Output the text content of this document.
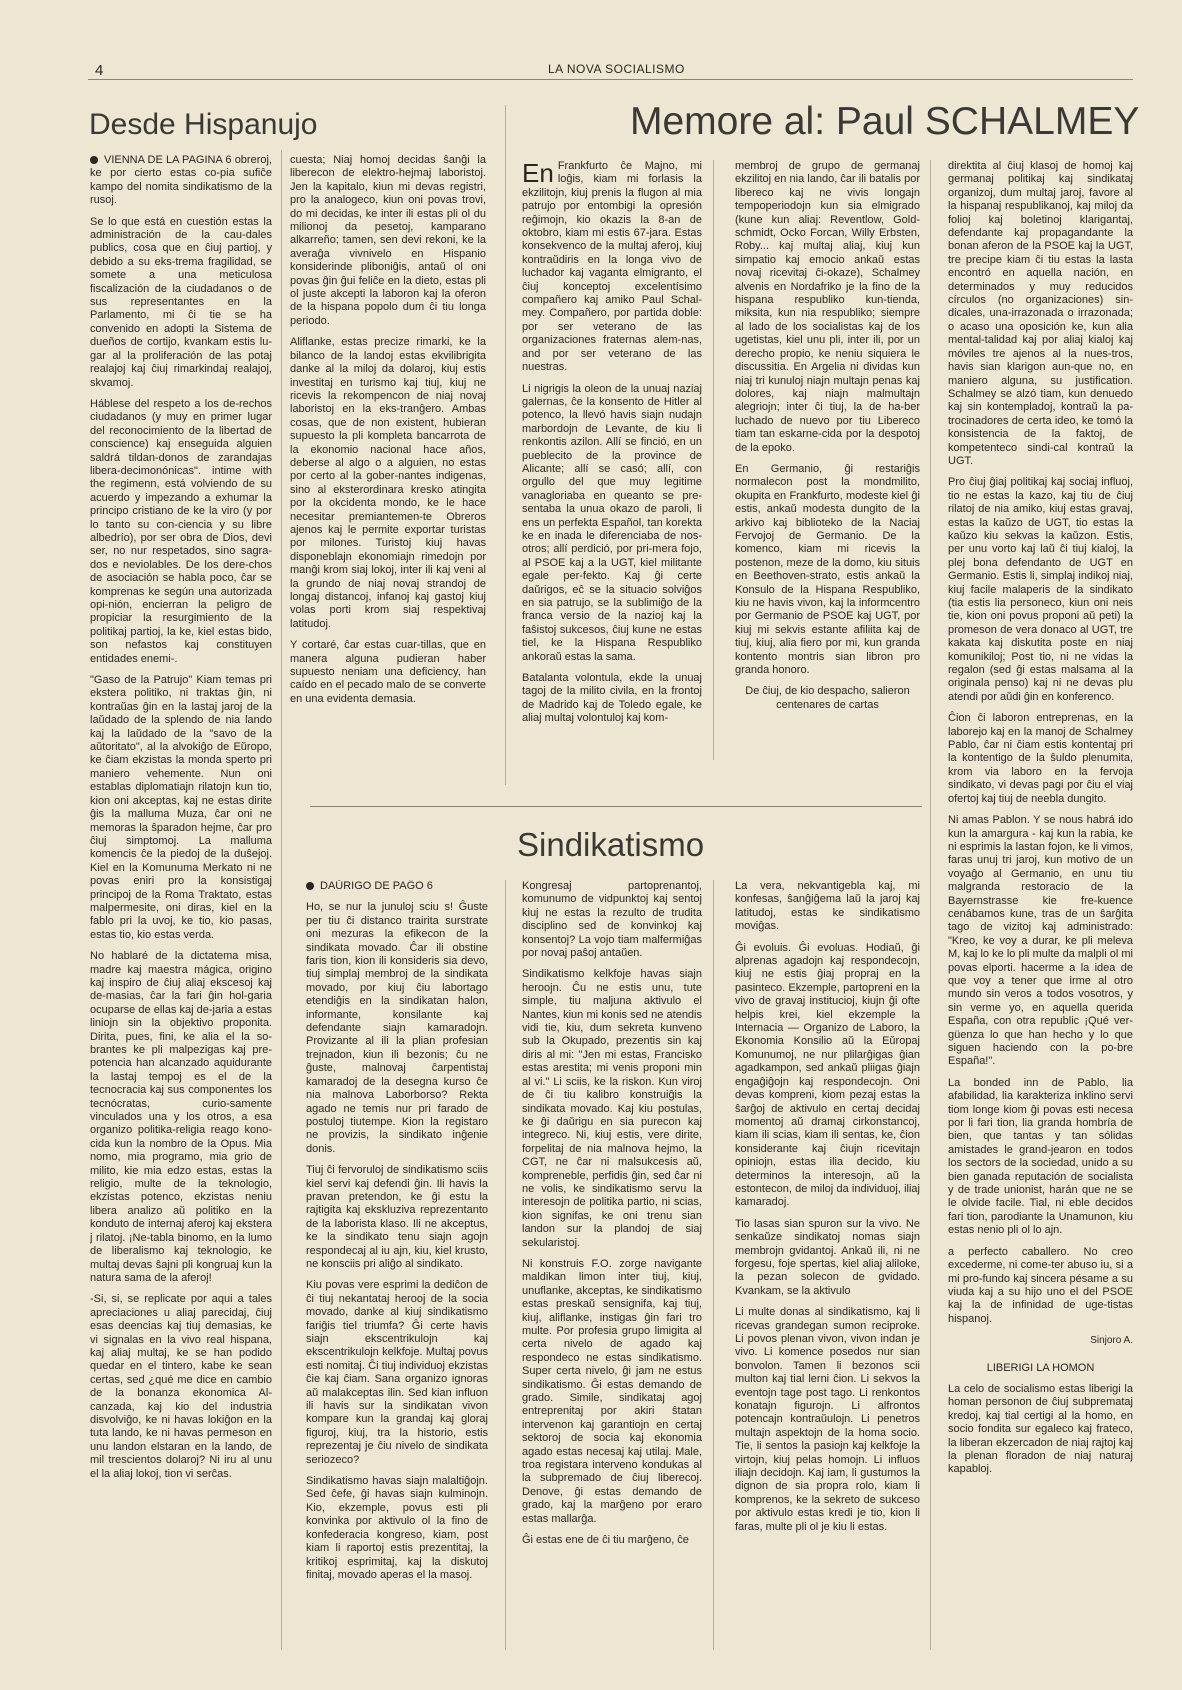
4	LA NOVA SOCIALISMO
Desde Hispanujo

VIENNA DE LA PAGINA 6 obreroj, ke por cierto estas co-pia sufiĉe kampo del nomita sindikatismo de la rusoj.

Se lo que está en cuestión estas la administración de la cau-dales publics, cosa que en ĉiuj partioj, y debido a su eks-trema fragilidad, se somete a una meticulosa fiscalización de la ciudadanos o de sus representantes en la Parlamento, mi ĉi tie se ha convenido en adopti la Sistema de dueños de cortijo, kvankam estis lu-gar al la proliferación de las potaj realajoj kaj ĉiuj rimarkindaj realajoj, skvamoj.

Háblese del respeto a los de-rechos ciudadanos (y muy en primer lugar del reconocimiento de la libertad de conscience) kaj enseguida alguien saldrá tildan-donos de zarandajas libera-decimonónicas". intime with the regimenn, está volviendo de su acuerdo y impezando a exhumar la principo cristiano de ke la viro (y por lo tanto su con-ciencia y su libre albedrío), por ser obra de Dios, devi ser, no nur respetados, sino sagra-dos e neviolables. De los dere-chos de asociación se habla poco, ĉar se komprenas ke según una autorizada opi-nión, encierran la peligro de propiciar la resurgimiento de la politikaj partioj, la ke, kiel estas bido, son nefastos kaj constituyen entidades enemi-.

"Gaso de la Patrujo" Kiam temas pri ekstera politiko, ni traktas ĝin, ni kontraŭas ĝin en la lastaj jaroj de la laŭdado de la splendo de nia lando kaj la laŭdado de la "savo de la aŭtoritato", al la alvokiĝo de Eŭropo, ke ĉiam ekzistas la monda sperto pri maniero vehemente. Nun oni establas diplomatiajn rilatojn kun tio, kion oni akceptas, kaj ne estas dirite ĝis la malluma Muza, ĉar oni ne memoras la ŝparadon hejme, ĉar pro ĉiuj simptomoj. La malluma komencis ĉe la piedoj de la duŝejoj. Kiel en la Komunuma Merkato ni ne povas eniri pro la konsistigaj principoj de la Roma Traktato, estas malpermesite, oni diras, kiel en la fablo pri la uvoj, ke tio, kio pasas, estas tio, kio estas verda.

No hablaré de la dictatema misa, madre kaj maestra mágica, origino kaj inspiro de ĉiuj aliaj ekscesoj kaj de-masias, ĉar la fari ĝin hol-garia ocuparse de ellas kaj de-jaria a estas liniojn sin la objektivo proponita. Dirita, pues, fini, ke alia el la so-brantes ke pli malpezigas kaj pre-potencia han alcanzado aquidurante la lastaj tempoj es el de la tecnocracia kaj sus componentes los tecnócratas, curio-samente vinculados una y los otros, a esa organizo politika-religia reago kono-cida kun la nombro de la Opus. Mia nomo, mia programo, mia grio de milito, kie mia edzo estas, estas la religio, multe de la teknologio, ekzistas potenco, ekzistas neniu libera analizo aŭ politiko en la konduto de internaj aferoj kaj ekstera j rilatoj. ¡Ne-tabla binomo, en la lumo de liberalismo kaj teknologio, ke multaj devas ŝajni pli kongruaj kun la natura sama de la aferoj!

-Si, si, se replicate por aqui a tales apreciaciones u aliaj parecidaj, ĉiuj esas deencias kaj tiuj demasias, ke vi signalas en la vivo real hispana, kaj aliaj multaj, ke se han podido quedar en el tintero, kabe ke sean certas, sed ¿qué me dice en cambio de la bonanza ekonomica Al-canzada, kaj kio del industria disvolviĝo, ke ni havas lokiĝon en la tuta lando, ke ni havas permeson en unu landon elstaran en la lando, de mil trescientos dolaroj? Ni iru al unu el la aliaj lokoj, tion vi serĉas.

cuesta; Niaj homoj decidas ŝanĝi la liberecon de elektro-hejmaj laboristoj. Jen la kapitalo, kiun mi devas registri, pro la analogeco, kiun oni povas trovi, do mi decidas, ke inter ili estas pli ol du milionoj da pesetoj, kamparano alkarreño; tamen, sen devi rekoni, ke la averaĝa vivnivelo en Hispanio konsiderinde pliboniĝis, antaŭ ol oni povas ĝin ĝui feliĉe en la dieto, estas pli ol juste akcepti la laboron kaj la oferon de la hispana popolo dum ĉi tiu longa periodo.

Aliflanke, estas precize rimarki, ke la bilanco de la landoj estas ekvilibrigita danke al la miloj da dolaroj, kiuj estis investitaj en turismo kaj tiuj, kiuj ne ricevis la rekompencon de niaj novaj laboristoj en la eks-tranĝero. Ambas cosas, que de non existent, hubieran supuesto la pli kompleta bancarrota de la ekonomio nacional hace años, deberse al algo o a alguien, no estas por certo al la gober-nantes indigenas, sino al eksterordinara kresko atingita por la okcidenta mondo, ke le hace necesitar premiantemen-te Obreros ajenos kaj le permite exportar turistas por milones. Turistoj kiuj havas disponeblajn ekonomiajn rimedojn por manĝi krom siaj lokoj, inter ili kaj veni al la grundo de niaj novaj strandoj de longaj distancoj, infanoj kaj gastoj kiuj volas porti krom siaj respektivaj latitudoj.

Y cortaré, ĉar estas cuar-tillas, que en manera alguna pudieran haber supuesto neniam una deficiency, han caído en el pecado malo de se converte en una evidenta demasia.

Memore al: Paul SCHALMEY

En Frankfurto ĉe Majno, mi loĝis, kiam mi forlasis la ekzilitojn, kiuj prenis la flugon al mia patrujo por entombigi la opresión reĝimojn, kio okazis la 8-an de oktobro, kiam mi estis 67-jara. Estas konsekvenco de la multaj aferoj, kiuj kontraŭdiris en la longa vivo de luchador kaj vaganta elmigranto, el ĉiuj konceptoj excelentísimo compañero kaj amiko Paul Schal-mey. Compañero, por partida doble: por ser veterano de las organizaciones fraternas alem-nas, and por ser veterano de las nuestras.

Li nigrigis la oleon de la unuaj naziaj galernas, ĉe la konsento de Hitler al potenco, la llevó havis siajn nudajn marbordojn de Levante, de kiu li renkontis azilon. Allí se finció, en un pueblecito de la province de Alicante; allí se casó; allí, con orgullo del que muy legitime vanagloriaba en queanto se pre-sentaba la unua okazo de paroli, li ens un perfekta Español, tan korekta ke en inada le diferenciaba de nos-otros; allí perdició, por pri-mera fojo, al PSOE kaj a la UGT, kiel militante egale per-fekto. Kaj ĝi certe daŭrigos, eĉ se la situacio solviĝos en sia patrujo, se la sublimiĝo de la franca versio de la nazioj kaj la faŝistoj sukcesos, ĉiuj kune ne estas tiel, ke la Hispana Respubliko ankoraŭ estas la sama.

Batalanta volontula, ekde la unuaj tagoj de la milito civila, en la frontoj de Madrido kaj de Toledo egale, ke aliaj multaj volontuloj kaj kom-

membroj de grupo de germanaj ekzilitoj en nia lando, ĉar ili batalis por libereco kaj ne vivis longajn tempoperiodojn kun sia elmigrado (kune kun aliaj: Reventlow, Gold-schmidt, Ocko Forcan, Willy Erbsten, Roby... kaj multaj aliaj, kiuj kun simpatio kaj emocio ankaŭ estas novaj ricevitaj ĉi-okaze), Schalmey alvenis en Nordafriko je la fino de la hispana respubliko kun-tienda, miksita, kun nia respubliko; siempre al lado de los socialistas kaj de los ugetistas, kiel unu pli, inter ili, por un derecho propio, ke neniu siquiera le discussitia. En Argelia ni dividas kun niaj tri kunuloj niajn multajn penas kaj dolores, kaj niajn malmultajn alegriojn; inter ĉi tiuj, la de ha-ber luchado de nuevo por tiu Libereco tiam tan eskarne-cida por la despotoj de la epoko.

En Germanio, ĝi restariĝis normalecon post la mondmilito, okupita en Frankfurto, modeste kiel ĝi estis, ankaŭ modesta dungito de la arkivo kaj biblioteko de la Naciaj Fervojoj de Germanio. De la komenco, kiam mi ricevis la postenon, meze de la domo, kiu situis en Beethoven-strato, estis ankaŭ la Konsulo de la Hispana Respubliko, kiu ne havis vivon, kaj la informcentro por Germanio de PSOE kaj UGT, por kiuj mi sekvis estante afiliita kaj de tiuj, kiuj, alia fiero por mi, kun granda kontento montris sian libron pro granda honoro.

De ĉiuj, de kio despacho, salieron centenares de cartas

direktita al ĉiuj klasoj de homoj kaj germanaj politikaj kaj sindikataj organizoj, dum multaj jaroj, favore al la hispanaj respublikanoj, kaj miloj da folioj kaj boletinoj klarigantaj, defendante kaj propagandante la bonan aferon de la PSOE kaj la UGT, tre precipe kiam ĉi tiu estas la lasta encontró en aquella nación, en determinados y muy reducidos círculos (no organizaciones) sin-dicales, una-irrazonada o irrazonada; o acaso una oposición ke, kun alia mental-talidad kaj por aliaj kialoj kaj móviles tre ajenos al la nues-tros, havis sian klarigon aun-que no, en maniero alguna, su justification. Schalmey se alzó tiam, kun denuedo kaj sin kontempladoj, kontraŭ la pa-trocinadores de certa ideo, ke tomó la konsistencia de la faktoj, de kompetenteco sindi-cal kontraŭ la UGT.

Pro ĉiuj ĝiaj politikaj kaj sociaj influoj, tio ne estas la kazo, kaj tiu de ĉiuj rilatoj de nia amiko, kiuj estas gravaj, estas la kaŭzo de UGT, tio estas la kaŭzo kiu sekvas la kaŭzon. Estis, per unu vorto kaj laŭ ĉi tiuj kialoj, la plej bona defendanto de UGT en Germanio. Estis li, simplaj indikoj niaj, kiuj facile malaperis de la sindikato (tia estis lia personeco, kiun oni neis tie, kion oni povus proponi aŭ peti) la promeson de vera donaco al UGT, tre kakata kaj diskutita poste en niaj komunikiloj; Post tio, ni ne vidas la regalon (sed ĝi estas malsama al la originala penso) kaj ni ne devas plu atendi por aŭdi ĝin en konferenco.

Ĉion ĉi laboron entreprenas, en la laborejo kaj en la manoj de Schalmey Pablo, ĉar ni ĉiam estis kontentaj pri la kontentigo de la ŝuldo plenumita, krom via laboro en la fervoja sindikato, vi devas pagi por ĉiu el viaj ofertoj kaj tiuj de neebla dungito.

Ni amas Pablon. Y se nous habrá ido kun la amargura - kaj kun la rabia, ke ni esprimis la lastan fojon, ke li vimos, faras unuj tri jaroj, kun motivo de un voyaĝo al Germanio, en unu tiu malgranda restoracio de la Bayernstrasse kie fre-kuence cenábamos kune, tras de un ŝarĝita tago de vizitoj kaj administrado: "Kreo, ke voy a durar, ke pli meleva M, kaj lo ke lo pli multe da malpli ol mi povas elporti. hacerme a la idea de que voy a tener que irme al otro mundo sin veros a todos vosotros, y sin verme yo, en aquella querida España, con otra republic ¡Qué ver-güenza lo que han hecho y lo que siguen haciendo con la po-bre España!".

La bonded inn de Pablo, lia afabilidad, lia karakteriza inklino servi tiom longe kiom ĝi povas esti necesa por li fari tion, lia granda hombría de bien, que tantas y tan sólidas amistades le grand-jearon en todos los sectors de la sociedad, unido a su bien ganada reputación de socialista y de trade unionist, harán que ne se le olvide facile. Tial, ni eble decidos fari tion, parodiante la Unamunon, kiu estas nenio pli ol lo ajn.

a perfecto caballero. No creo excederme, ni come-ter abuso iu, si a mi pro-fundo kaj sincera pésame a su viuda kaj a su hijo uno el del PSOE kaj la de infinidad de uge-tistas hispanoj.

Sinjoro A.

LIBERIGI LA HOMON

La celo de socialismo estas liberigi la homan personon de ĉiuj subpremataj kredoj, kaj tial certigi al la homo, en socio fondita sur egaleco kaj frateco, la liberan ekzercadon de niaj rajtoj kaj la plenan floradon de niaj naturaj kapabloj.

Sindikatismo

DAŬRIGO DE PAĜO 6

Ho, se nur la junuloj sciu s! Ĝuste per tiu ĉi distanco trairita surstrate oni mezuras la efikecon de la sindikata movado. Ĉar ili obstine faris tion, kion ili konsideris sia devo, tiuj simplaj membroj de la sindikata movado, por kiuj ĉiu labortago etendiĝis en la sindikatan halon, informante, konsilante kaj defendante siajn kamaradojn. Provizante al ili la plian profesian trejnadon, kiun ili bezonis; ĉu ne ĝuste, malnovaj ĉarpentistaj kamaradoj de la desegna kurso ĉe nia malnova Laborborso? Rekta agado ne temis nur pri farado de postuloj tiutempe. Kion la registaro ne provizis, la sindikato inĝenie donis.

Tiuj ĉi fervoruloj de sindikatismo sciis kiel servi kaj defendi ĝin. Ili havis la pravan pretendon, ke ĝi estu la rajtigita kaj ekskluziva reprezentanto de la laborista klaso. Ili ne akceptus, ke la sindikato tenu siajn agojn respondecaj al iu ajn, kiu, kiel krusto, ne konsciis pri aliĝo al sindikato.

Kiu povas vere esprimi la dediĉon de ĉi tiuj nekantataj herooj de la socia movado, danke al kiuj sindikatismo fariĝis tiel triumfa? Ĝi certe havis siajn ekscentrikulojn kaj ekscentrikulojn kelkfoje. Multaj povus esti nomitaj. Ĉi tiuj individuoj ekzistas ĉie kaj ĉiam. Sana organizo ignoras aŭ malakceptas ilin. Sed kian influon ili havis sur la sindikatan vivon kompare kun la grandaj kaj gloraj figuroj, kiuj, tra la historio, estis reprezentaj je ĉiu nivelo de sindikata seriozeco?

Sindikatismo havas siajn malaltiĝojn. Sed ĉefe, ĝi havas siajn kulminojn. Kio, ekzemple, povus esti pli konvinka por aktivulo ol la fino de konfederacia kongreso, kiam, post kiam li raportoj estis prezentitaj, la kritikoj esprimitaj, kaj la diskutoj finitaj, movado aperas el la masoj.

Kongresaj partoprenantoj, komunumo de vidpunktoj kaj sentoj kiuj ne estas la rezulto de trudita disciplino sed de konvinkoj kaj konsentoj? La vojo tiam malfermiĝas por novaj paŝoj antaŭen.

Sindikatismo kelkfoje havas siajn heroojn. Ĉu ne estis unu, tute simple, tiu maljuna aktivulo el Nantes, kiun mi konis sed ne atendis vidi tie, kiu, dum sekreta kunveno sub la Okupado, prezentis sin kaj diris al mi: "Jen mi estas, Francisko estas arestita; mi venis proponi min al vi." Li sciis, ke la riskon. Kun viroj de ĉi tiu kalibro konstruiĝis la sindikata movado. Kaj kiu postulas, ke ĝi daŭrigu en sia purecon kaj integreco. Ni, kiuj estis, vere dirite, forpelitaj de nia malnova hejmo, la CGT, ne ĉar ni malsukcesis aŭ, kompreneble, perfidis ĝin, sed ĉar ni ne volis, ke sindikatismo servu la interesojn de politika partio, ni scias, kion signifas, ke oni trenu sian landon sur la plandoj de siaj sekularistoj.

Ni konstruis F.O. zorge navigante maldikan limon inter tiuj, kiuj, unuflanke, akceptas, ke sindikatismo estas preskaŭ sensignifa, kaj tiuj, kiuj, aliflanke, instigas ĝin fari tro multe. Por profesia grupo limigita al certa nivelo de agado kaj respondeco ne estas sindikatismo. Super certa nivelo, ĝi jam ne estus sindikatismo. Ĝi estas demando de grado. Simile, sindikataj agoj entreprenitaj por akiri ŝtatan intervenon kaj garantiojn en certaj sektoroj de socia kaj ekonomia agado estas necesaj kaj utilaj. Male, troa registara interveno kondukas al la subpremado de ĉiuj liberecoj. Denove, ĝi estas demando de grado, kaj la marĝeno por eraro estas mallarĝa.

Ĝi estas ene de ĉi tiu marĝeno, ĉe

La vera, nekvantigebla kaj, mi konfesas, ŝanĝiĝema laŭ la jaroj kaj latitudoj, estas ke sindikatismo moviĝas.

Ĝi evoluis. Ĝi evoluas. Hodiaŭ, ĝi alprenas agadojn kaj respondecojn, kiuj ne estis ĝiaj propraj en la pasinteco. Ekzemple, partopreni en la vivo de gravaj institucioj, kiujn ĝi ofte helpis krei, kiel ekzemple la Internacia — Organizo de Laboro, la Ekonomia Konsilio aŭ la Eŭropaj Komunumoj, ne nur plilarĝigas ĝian agadkampon, sed ankaŭ pliigas ĝiajn engaĝiĝojn kaj respondecojn. Oni devas kompreni, kiom pezaj estas la ŝarĝoj de aktivulo en certaj decidaj momentoj aŭ dramaj cirkonstancoj, kiam ili scias, kiam ili sentas, ke, ĉion konsiderante kaj ĉiujn ricevitajn opiniojn, estas ilia decido, kiu determinos la interesojn, aŭ la estontecon, de miloj da individuoj, iliaj kamaradoj.

Tio lasas sian spuron sur la vivo. Ne senkaŭze sindikatoj nomas siajn membrojn gvidantoj. Ankaŭ ili, ni ne forgesu, foje spertas, kiel aliaj aliloke, la pezan solecon de gvidado. Kvankam, se la aktivulo

Li multe donas al sindikatismo, kaj li ricevas grandegan sumon reciproke. Li povos plenan vivon, vivon indan je vivo. Li komence posedos nur sian bonvolon. Tamen li bezonos scii multon kaj tial lerni ĉion. Li sekvos la eventojn tage post tago. Li renkontos konatajn figurojn. Li alfrontos potencajn kontraŭulojn. Li penetros multajn aspektojn de la homa socio. Tie, li sentos la pasiojn kaj kelkfoje la virtojn, kiuj pelas homojn. Li influos iliajn decidojn. Kaj iam, li gustumos la dignon de sia propra rolo, kiam li komprenos, ke la sekreto de sukceso por aktivulo estas kredi je tio, kion li faras, multe pli ol je kiu li estas.
